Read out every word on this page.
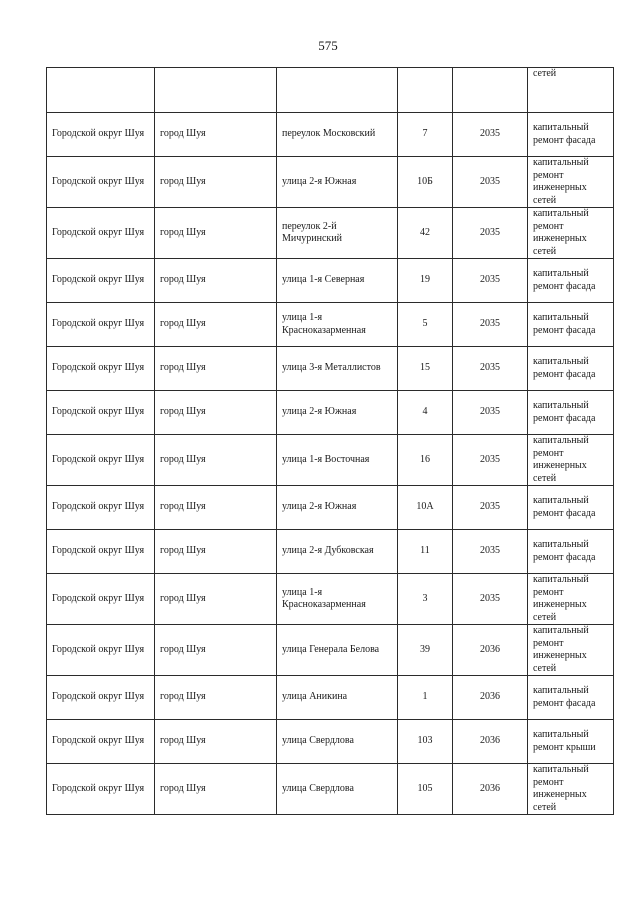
575
					сетей
Городской округ Шуя	город Шуя	переулок Московский	7	2035	капитальный ремонт фасада
Городской округ Шуя	город Шуя	улица 2-я Южная	10Б	2035	капитальный ремонт инженерных сетей
Городской округ Шуя	город Шуя	переулок 2-й Мичуринский	42	2035	капитальный ремонт инженерных сетей
Городской округ Шуя	город Шуя	улица 1-я Северная	19	2035	капитальный ремонт фасада
Городской округ Шуя	город Шуя	улица 1-я Красноказарменная	5	2035	капитальный ремонт фасада
Городской округ Шуя	город Шуя	улица 3-я Металлистов	15	2035	капитальный ремонт фасада
Городской округ Шуя	город Шуя	улица 2-я Южная	4	2035	капитальный ремонт фасада
Городской округ Шуя	город Шуя	улица 1-я Восточная	16	2035	капитальный ремонт инженерных сетей
Городской округ Шуя	город Шуя	улица 2-я Южная	10А	2035	капитальный ремонт фасада
Городской округ Шуя	город Шуя	улица 2-я Дубковская	11	2035	капитальный ремонт фасада
Городской округ Шуя	город Шуя	улица 1-я Красноказарменная	3	2035	капитальный ремонт инженерных сетей
Городской округ Шуя	город Шуя	улица Генерала Белова	39	2036	капитальный ремонт инженерных сетей
Городской округ Шуя	город Шуя	улица Аникина	1	2036	капитальный ремонт фасада
Городской округ Шуя	город Шуя	улица Свердлова	103	2036	капитальный ремонт крыши
Городской округ Шуя	город Шуя	улица Свердлова	105	2036	капитальный ремонт инженерных сетей
